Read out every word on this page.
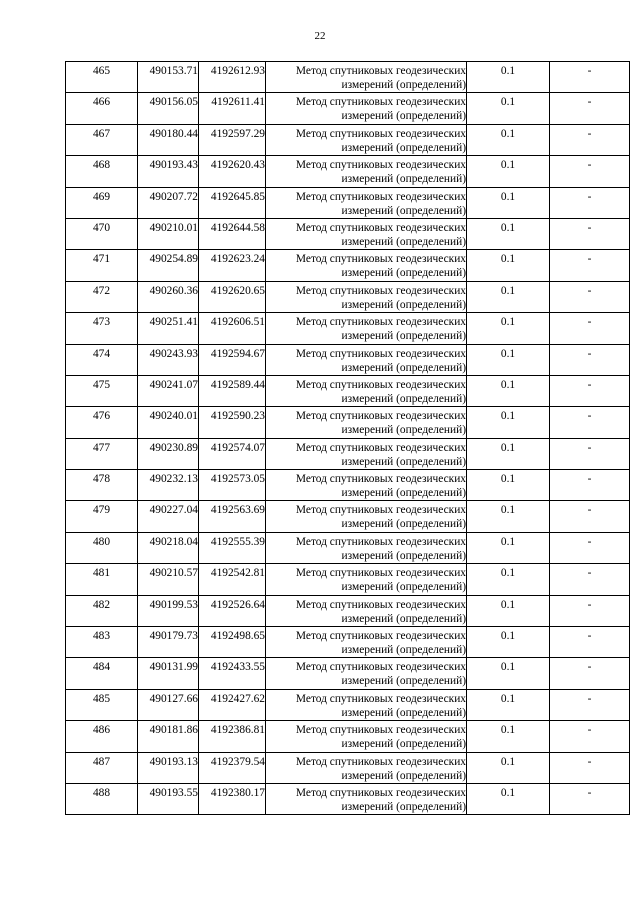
22
465	490153.71	4192612.93	Метод спутниковых геодезических
измерений (определений)	0.1	-
466	490156.05	4192611.41	Метод спутниковых геодезических
измерений (определений)	0.1	-
467	490180.44	4192597.29	Метод спутниковых геодезических
измерений (определений)	0.1	-
468	490193.43	4192620.43	Метод спутниковых геодезических
измерений (определений)	0.1	-
469	490207.72	4192645.85	Метод спутниковых геодезических
измерений (определений)	0.1	-
470	490210.01	4192644.58	Метод спутниковых геодезических
измерений (определений)	0.1	-
471	490254.89	4192623.24	Метод спутниковых геодезических
измерений (определений)	0.1	-
472	490260.36	4192620.65	Метод спутниковых геодезических
измерений (определений)	0.1	-
473	490251.41	4192606.51	Метод спутниковых геодезических
измерений (определений)	0.1	-
474	490243.93	4192594.67	Метод спутниковых геодезических
измерений (определений)	0.1	-
475	490241.07	4192589.44	Метод спутниковых геодезических
измерений (определений)	0.1	-
476	490240.01	4192590.23	Метод спутниковых геодезических
измерений (определений)	0.1	-
477	490230.89	4192574.07	Метод спутниковых геодезических
измерений (определений)	0.1	-
478	490232.13	4192573.05	Метод спутниковых геодезических
измерений (определений)	0.1	-
479	490227.04	4192563.69	Метод спутниковых геодезических
измерений (определений)	0.1	-
480	490218.04	4192555.39	Метод спутниковых геодезических
измерений (определений)	0.1	-
481	490210.57	4192542.81	Метод спутниковых геодезических
измерений (определений)	0.1	-
482	490199.53	4192526.64	Метод спутниковых геодезических
измерений (определений)	0.1	-
483	490179.73	4192498.65	Метод спутниковых геодезических
измерений (определений)	0.1	-
484	490131.99	4192433.55	Метод спутниковых геодезических
измерений (определений)	0.1	-
485	490127.66	4192427.62	Метод спутниковых геодезических
измерений (определений)	0.1	-
486	490181.86	4192386.81	Метод спутниковых геодезических
измерений (определений)	0.1	-
487	490193.13	4192379.54	Метод спутниковых геодезических
измерений (определений)	0.1	-
488	490193.55	4192380.17	Метод спутниковых геодезических
измерений (определений)	0.1	-
